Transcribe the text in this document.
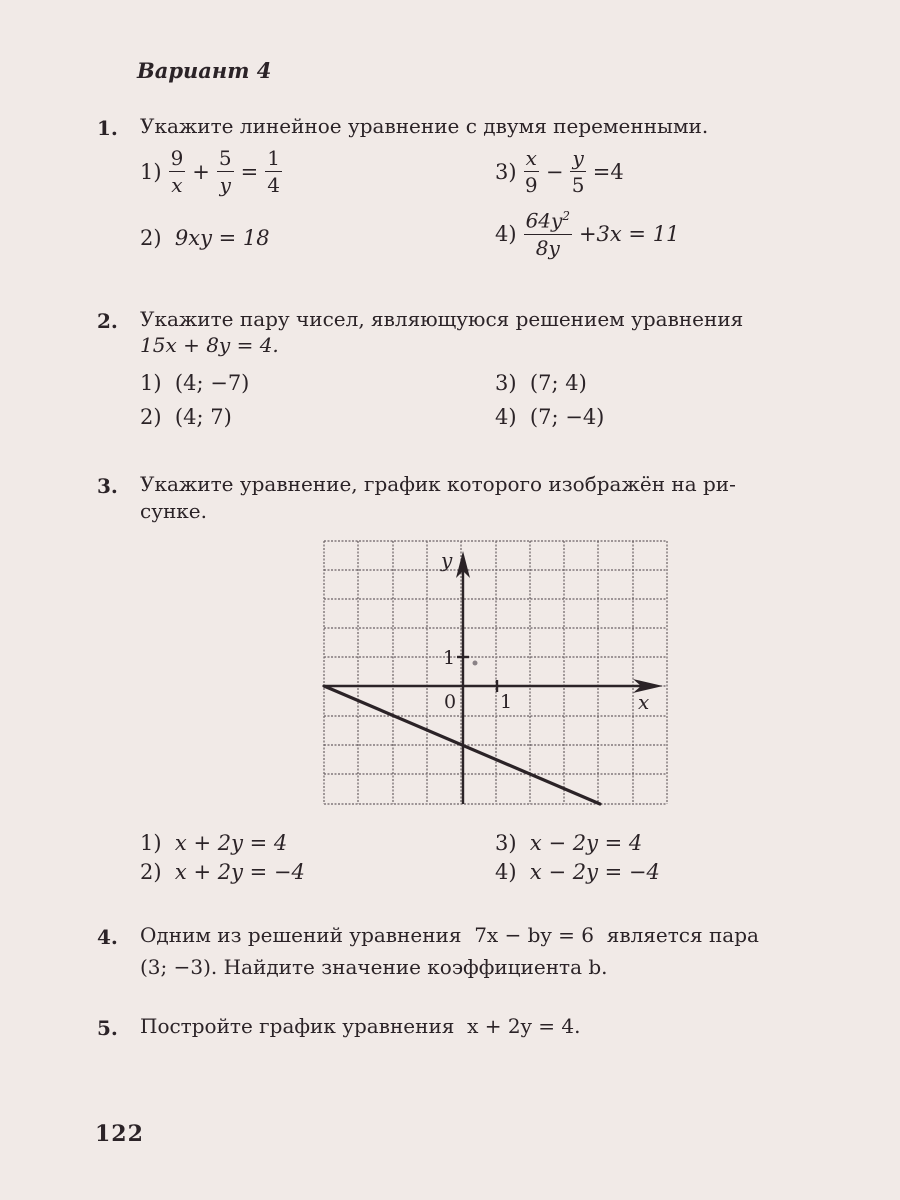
Вариант 4
1. Укажите линейное уравнение с двумя переменными.
$1) \frac{9}{x} + \frac{5}{y} = \frac{1}{4}$
2) 9xy = 18
$3) \frac{x}{9} - \frac{y}{5} =4$
$4) \frac{64y^2}{8y} +3x = 11$
2. Укажите пару чисел, являющуюся решением уравнения
15x + 8y = 4.
1) (4; −7)
2) (4; 7)
3) (7; 4)
4) (7; −4)
3. Укажите уравнение, график которого изображён на ри-
сунке.
y
x
0 1
1
1) x + 2y = 4
2) x + 2y = −4
3) x − 2y = 4
4) x − 2y = −4
4. Одним из решений уравнения  7x − by = 6  является пара
(3; −3). Найдите значение коэффициента b.
5. Постройте график уравнения  x + 2y = 4.
122
